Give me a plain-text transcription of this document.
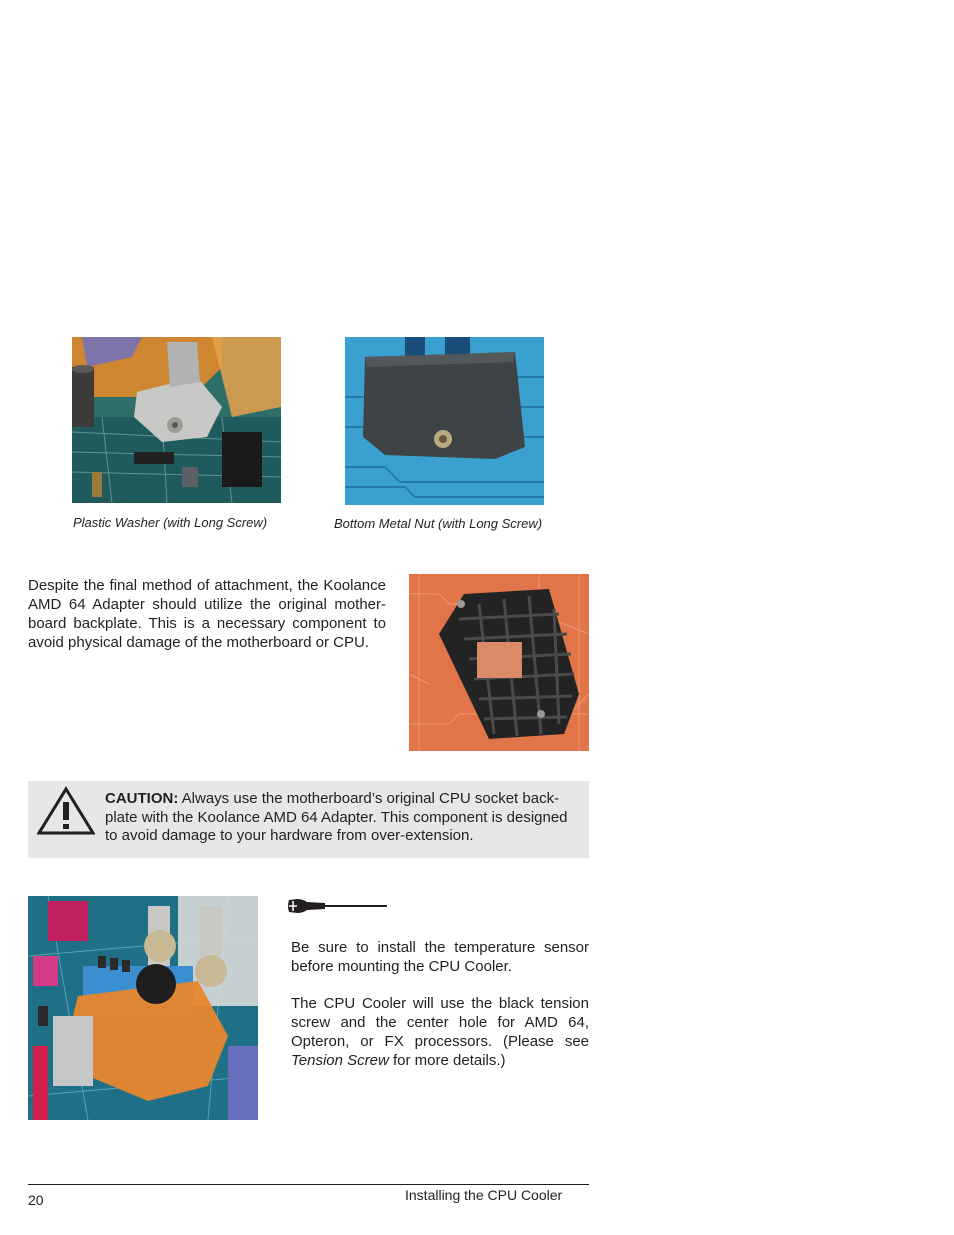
Plastic Washer (with Long Screw)	Bottom Metal Nut (with Long Screw)
Despite the final method of attachment, the Koolance AMD 64 Adapter should utilize the original mother-board backplate. This is a necessary component to avoid physical damage of the motherboard or CPU.
CAUTION: Always use the motherboard’s original CPU socket back-plate with the Koolance AMD 64 Adapter. This component is designed to avoid damage to your hardware from over-extension.
Be sure to install the temperature sensor before mounting the CPU Cooler.
The CPU Cooler will use the black tension screw and the center hole for AMD 64, Opteron, or FX processors. (Please see Tension Screw for more details.)
20	Installing the CPU Cooler
